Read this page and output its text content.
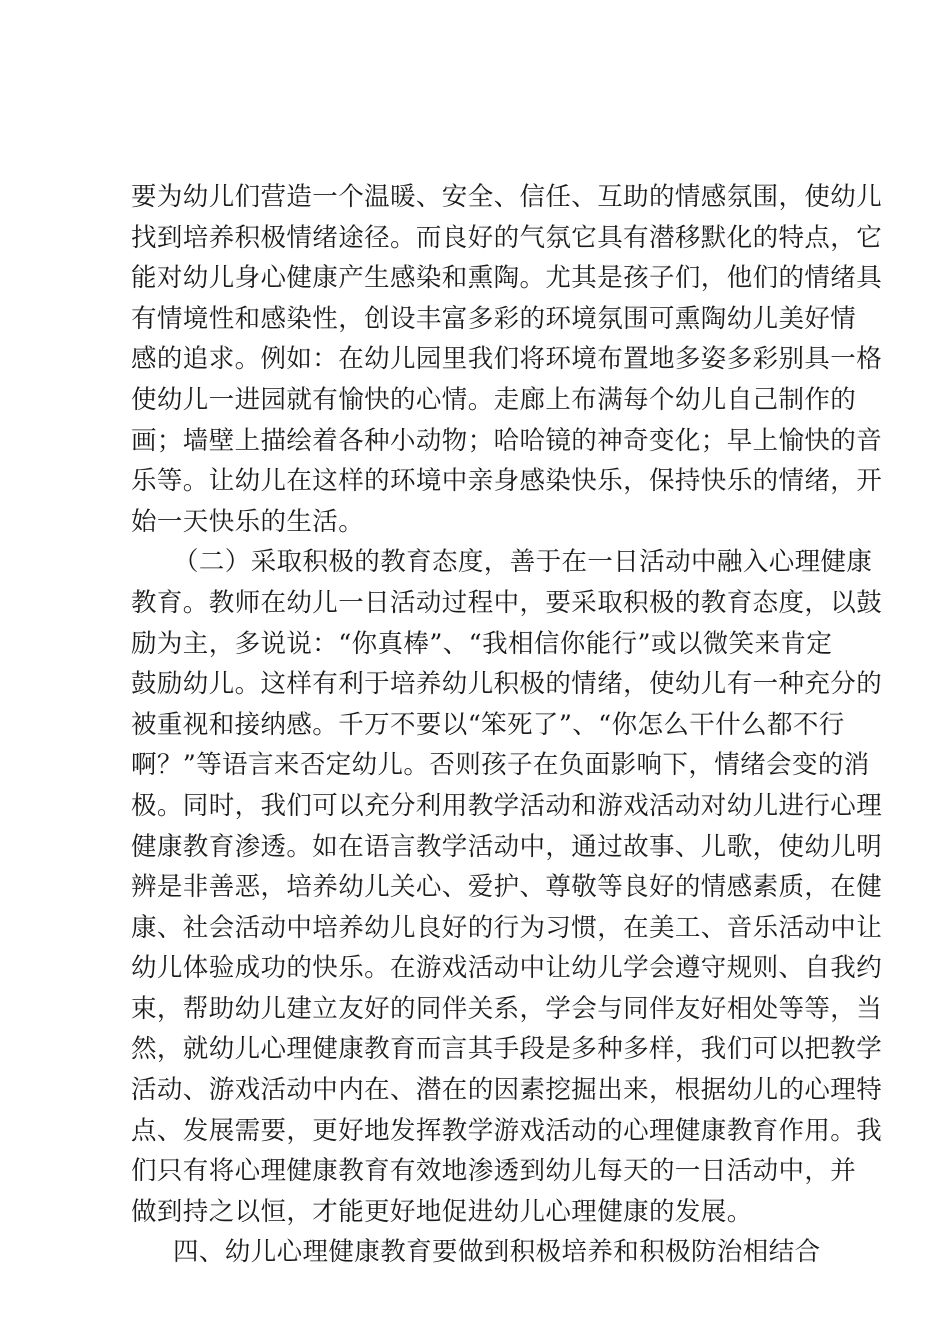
要为幼儿们营造一个温暖、安全、信任、互助的情感氛围，使幼儿
找到培养积极情绪途径。而良好的气氛它具有潜移默化的特点，它
能对幼儿身心健康产生感染和熏陶。尤其是孩子们，他们的情绪具
有情境性和感染性，创设丰富多彩的环境氛围可熏陶幼儿美好情
感的追求。例如：在幼儿园里我们将环境布置地多姿多彩别具一格
使幼儿一进园就有愉快的心情。走廊上布满每个幼儿自己制作的
画；墙壁上描绘着各种小动物；哈哈镜的神奇变化；早上愉快的音
乐等。让幼儿在这样的环境中亲身感染快乐，保持快乐的情绪，开
始一天快乐的生活。
（二）采取积极的教育态度，善于在一日活动中融入心理健康
教育。教师在幼儿一日活动过程中，要采取积极的教育态度，以鼓
励为主，多说说：“你真棒”、“我相信你能行”或以微笑来肯定
鼓励幼儿。这样有利于培养幼儿积极的情绪，使幼儿有一种充分的
被重视和接纳感。千万不要以“笨死了”、“你怎么干什么都不行
啊？”等语言来否定幼儿。否则孩子在负面影响下，情绪会变的消
极。同时，我们可以充分利用教学活动和游戏活动对幼儿进行心理
健康教育渗透。如在语言教学活动中，通过故事、儿歌，使幼儿明
辨是非善恶，培养幼儿关心、爱护、尊敬等良好的情感素质，在健
康、社会活动中培养幼儿良好的行为习惯，在美工、音乐活动中让
幼儿体验成功的快乐。在游戏活动中让幼儿学会遵守规则、自我约
束，帮助幼儿建立友好的同伴关系，学会与同伴友好相处等等，当
然，就幼儿心理健康教育而言其手段是多种多样，我们可以把教学
活动、游戏活动中内在、潜在的因素挖掘出来，根据幼儿的心理特
点、发展需要，更好地发挥教学游戏活动的心理健康教育作用。我
们只有将心理健康教育有效地渗透到幼儿每天的一日活动中，并
做到持之以恒，才能更好地促进幼儿心理健康的发展。
四、幼儿心理健康教育要做到积极培养和积极防治相结合
